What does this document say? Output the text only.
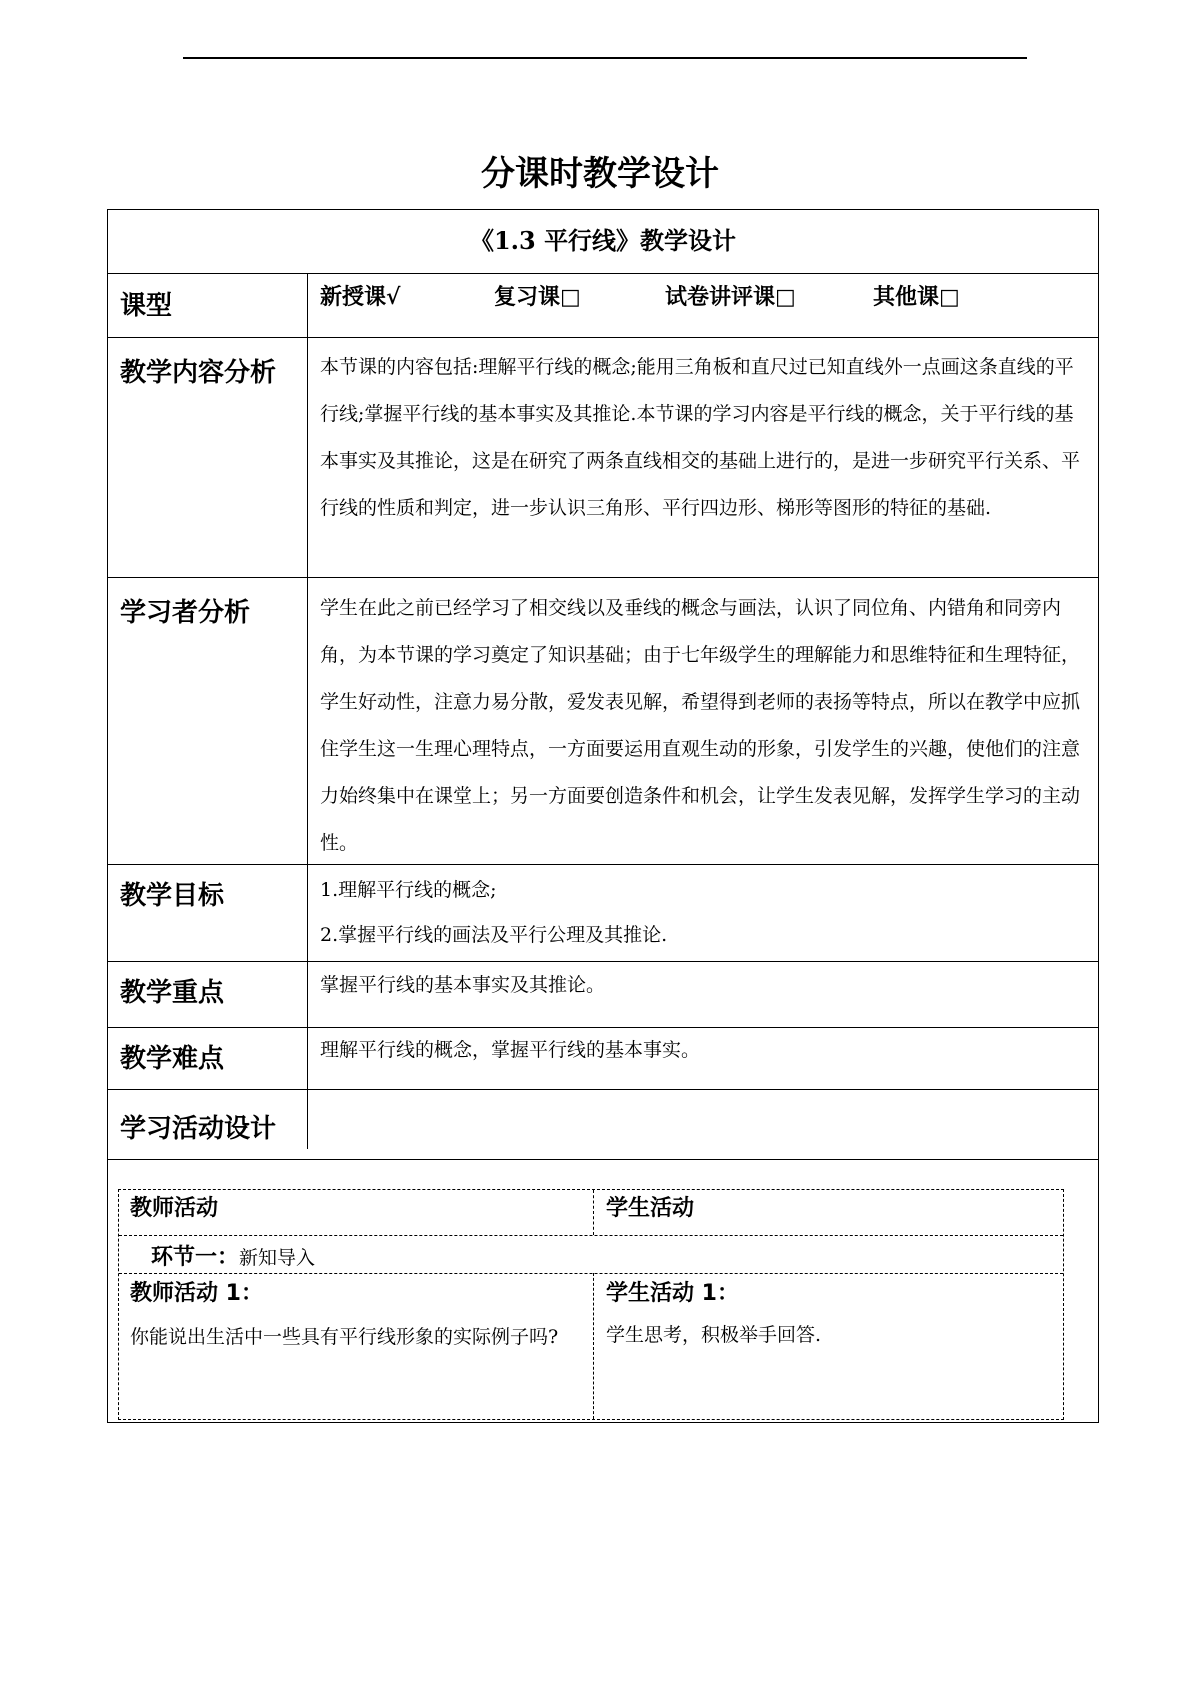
分课时教学设计
《1.3 平行线》教学设计
课型	新授课√	复习课□	试卷讲评课□	其他课□
教学内容分析 本节课的内容包括:理解平行线的概念;能用三角板和直尺过已知直线外一点画这条直线的平行线;掌握平行线的基本事实及其推论.本节课的学习内容是平行线的概念，关于平行线的基本事实及其推论，这是在研究了两条直线相交的基础上进行的，是进一步研究平行关系、平行线的性质和判定，进一步认识三角形、平行四边形、梯形等图形的特征的基础.
学习者分析	学生在此之前已经学习了相交线以及垂线的概念与画法，认识了同位角、内错角和同旁内角，为本节课的学习奠定了知识基础；由于七年级学生的理解能力和思维特征和生理特征，学生好动性，注意力易分散，爱发表见解，希望得到老师的表扬等特点，所以在教学中应抓住学生这一生理心理特点，一方面要运用直观生动的形象，引发学生的兴趣，使他们的注意力始终集中在课堂上；另一方面要创造条件和机会，让学生发表见解，发挥学生学习的主动性。
教学目标	1.理解平行线的概念;
2.掌握平行线的画法及平行公理及其推论.
教学重点	掌握平行线的基本事实及其推论。
教学难点	理解平行线的概念，掌握平行线的基本事实。
学习活动设计
教师活动	学生活动
环节一：新知导入
教师活动 1：
你能说出生活中一些具有平行线形象的实际例子吗?
学生活动 1：
学生思考，积极举手回答.
